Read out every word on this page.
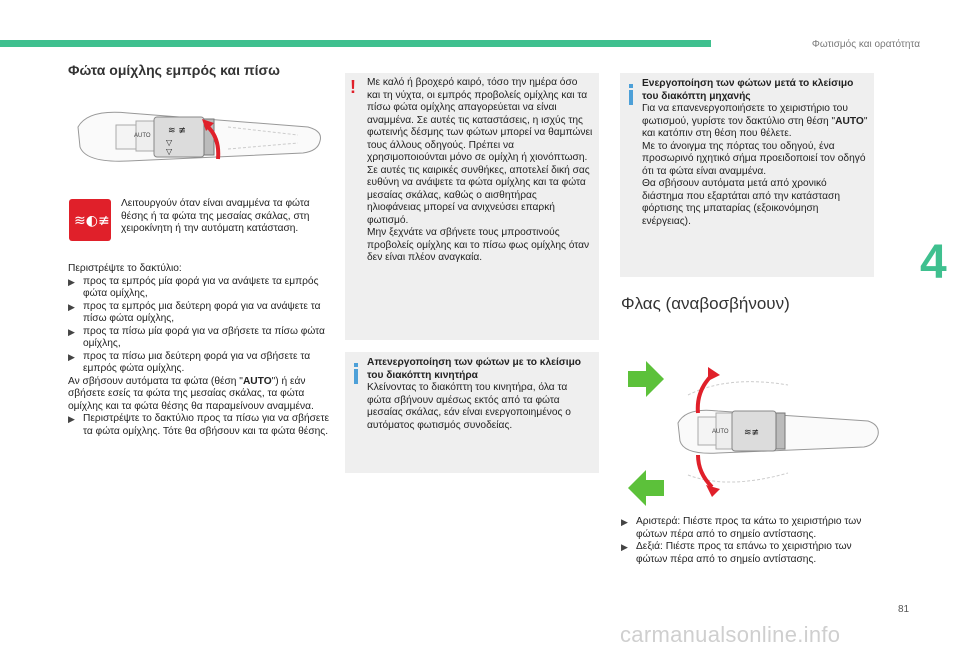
Φωτισμός και ορατότητα
4
Φώτα ομίχλης εμπρός και πίσω
AUTO ≋ ≢
▽
▽
≋◐≢
Λειτουργούν όταν είναι αναμμένα τα φώτα θέσης ή τα φώτα της μεσαίας σκάλας, στη χειροκίνητη ή την αυτόματη κατάσταση.

Περιστρέψτε το δακτύλιο:

▶ προς τα εμπρός μία φορά για να ανάψετε τα εμπρός φώτα ομίχλης,

▶ προς τα εμπρός μια δεύτερη φορά για να ανάψετε τα πίσω φώτα ομίχλης,

▶ προς τα πίσω μία φορά για να σβήσετε τα πίσω φώτα ομίχλης,

▶ προς τα πίσω μια δεύτερη φορά για να σβήσετε τα εμπρός φώτα ομίχλης.

Αν σβήσουν αυτόματα τα φώτα (θέση "AUTO") ή εάν σβήσετε εσείς τα φώτα της μεσαίας σκάλας, τα φώτα ομίχλης και τα φώτα θέσης θα παραμείνουν αναμμένα.

▶ Περιστρέψτε το δακτύλιο προς τα πίσω για να σβήσετε τα φώτα ομίχλης. Τότε θα σβήσουν και τα φώτα θέσης.

! Με καλό ή βροχερό καιρό, τόσο την ημέρα όσο και τη νύχτα, οι εμπρός προβολείς ομίχλης και τα πίσω φώτα ομίχλης απαγορεύεται να είναι αναμμένα. Σε αυτές τις καταστάσεις, η ισχύς της φωτεινής δέσμης των φώτων μπορεί να θαμπώνει τους άλλους οδηγούς. Πρέπει να χρησιμοποιούνται μόνο σε ομίχλη ή χιονόπτωση. Σε αυτές τις καιρικές συνθήκες, αποτελεί δική σας ευθύνη να ανάψετε τα φώτα ομίχλης και τα φώτα μεσαίας σκάλας, καθώς ο αισθητήρας ηλιοφάνειας μπορεί να ανιχνεύσει επαρκή φωτισμό.

Μην ξεχνάτε να σβήνετε τους μπροστινούς προβολείς ομίχλης και το πίσω φως ομίχλης όταν δεν είναι πλέον αναγκαία.

Απενεργοποίηση των φώτων με το κλείσιμο του διακόπτη κινητήρα

Κλείνοντας το διακόπτη του κινητήρα, όλα τα φώτα σβήνουν αμέσως εκτός από τα φώτα μεσαίας σκάλας, εάν είναι ενεργοποιημένος ο αυτόματος φωτισμός συνοδείας.

Ενεργοποίηση των φώτων μετά το κλείσιμο του διακόπτη μηχανής

Για να επανενεργοποιήσετε το χειριστήριο του φωτισμού, γυρίστε τον δακτύλιο στη θέση "AUTO" και κατόπιν στη θέση που θέλετε.

Με το άνοιγμα της πόρτας του οδηγού, ένα προσωρινό ηχητικό σήμα προειδοποιεί τον οδηγό ότι τα φώτα είναι αναμμένα.

Θα σβήσουν αυτόματα μετά από χρονικό διάστημα που εξαρτάται από την κατάσταση φόρτισης της μπαταρίας (εξοικονόμηση ενέργειας).

Φλας (αναβοσβήνουν)
AUTO ≋≢

▶ Αριστερά: Πιέστε προς τα κάτω το χειριστήριο των φώτων πέρα από το σημείο αντίστασης.

▶ Δεξιά: Πιέστε προς τα επάνω το χειριστήριο των φώτων πέρα από το σημείο αντίστασης.

81
carmanualsonline.info
